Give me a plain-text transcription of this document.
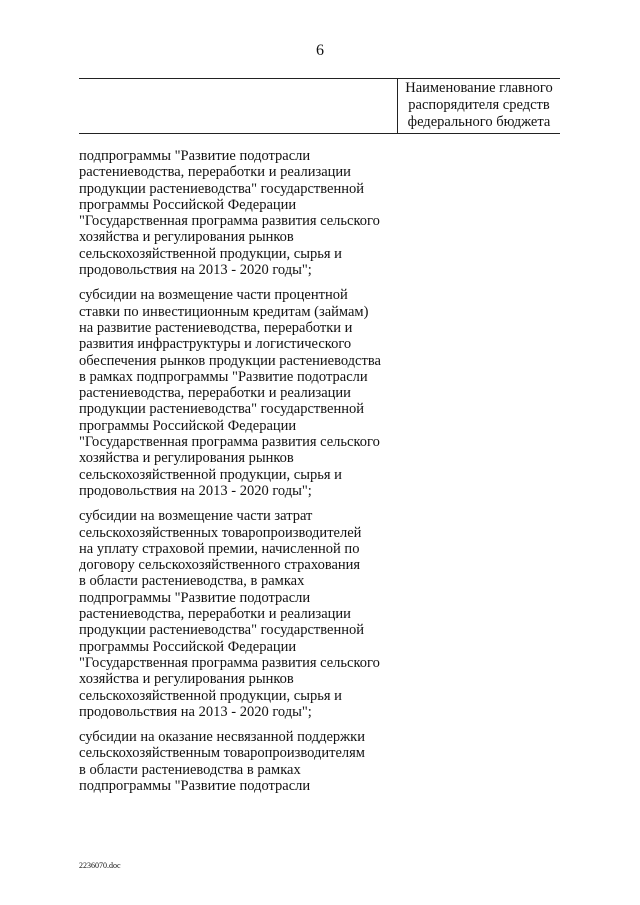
6
Наименование главного
распорядителя средств
федерального бюджета
подпрограммы "Развитие подотрасли
растениеводства, переработки и реализации
продукции растениеводства" государственной
программы Российской Федерации
"Государственная программа развития сельского
хозяйства и регулирования рынков
сельскохозяйственной продукции, сырья и
продовольствия на 2013 - 2020 годы";
субсидии на возмещение части процентной
ставки по инвестиционным кредитам (займам)
на развитие растениеводства, переработки и
развития инфраструктуры и логистического
обеспечения рынков продукции растениеводства
в рамках подпрограммы "Развитие подотрасли
растениеводства, переработки и реализации
продукции растениеводства" государственной
программы Российской Федерации
"Государственная программа развития сельского
хозяйства и регулирования рынков
сельскохозяйственной продукции, сырья и
продовольствия на 2013 - 2020 годы";
субсидии на возмещение части затрат
сельскохозяйственных товаропроизводителей
на уплату страховой премии, начисленной по
договору сельскохозяйственного страхования
в области растениеводства, в рамках
подпрограммы "Развитие подотрасли
растениеводства, переработки и реализации
продукции растениеводства" государственной
программы Российской Федерации
"Государственная программа развития сельского
хозяйства и регулирования рынков
сельскохозяйственной продукции, сырья и
продовольствия на 2013 - 2020 годы";
субсидии на оказание несвязанной поддержки
сельскохозяйственным товаропроизводителям
в области растениеводства в рамках
подпрограммы "Развитие подотрасли
2236070.doc
